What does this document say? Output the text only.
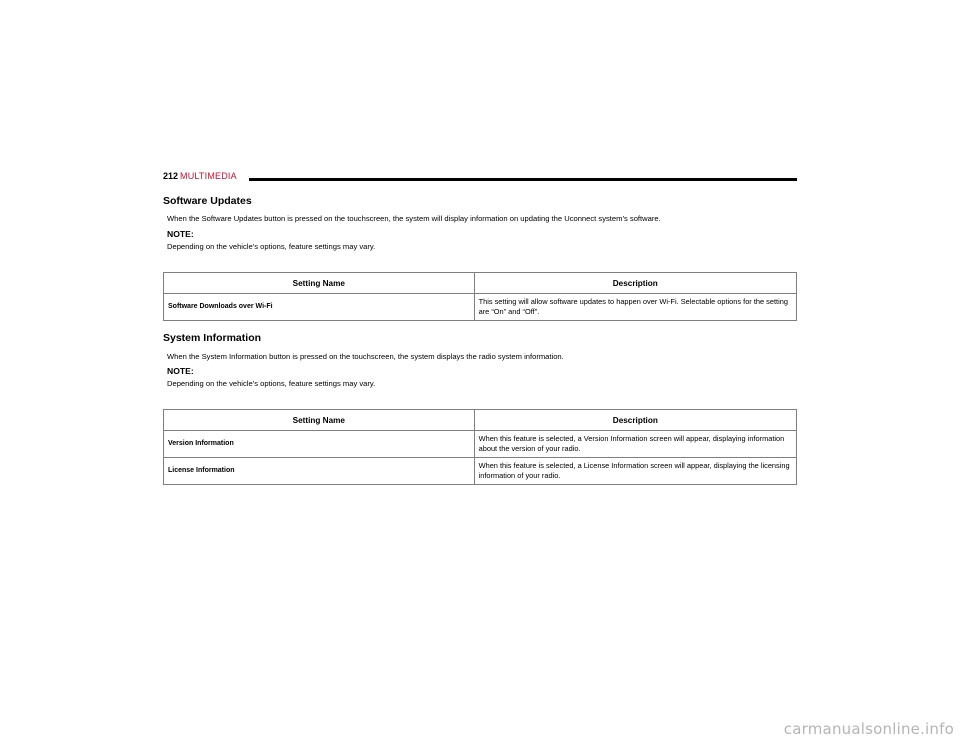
212 MULTIMEDIA
Software Updates

When the Software Updates button is pressed on the touchscreen, the system will display information on updating the Uconnect system’s software.

NOTE:

Depending on the vehicle’s options, feature settings may vary.

Setting Name	Description
Software Downloads over Wi-Fi	This setting will allow software updates to happen over Wi-Fi. Selectable options for the setting are “On” and “Off”.
System Information

When the System Information button is pressed on the touchscreen, the system displays the radio system information.

NOTE:

Depending on the vehicle’s options, feature settings may vary.

Setting Name	Description
Version Information	When this feature is selected, a Version Information screen will appear, displaying information about the version of your radio.
License Information	When this feature is selected, a License Information screen will appear, displaying the licensing information of your radio.
carmanualsonline.info
